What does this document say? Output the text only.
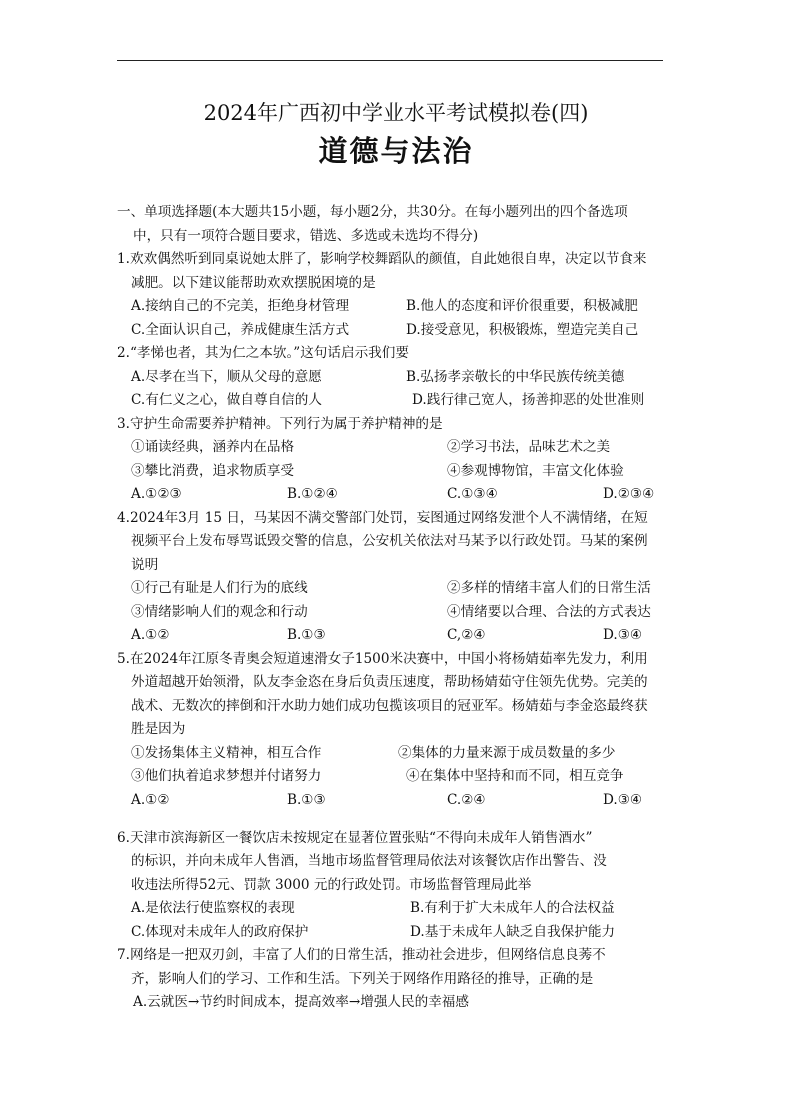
2024年广西初中学业水平考试模拟卷(四)
道德与法治
一、单项选择题(本大题共15小题，每小题2分，共30分。在每小题列出的四个备选项
中，只有一项符合题目要求，错选、多选或未选均不得分)
1.欢欢偶然听到同桌说她太胖了，影响学校舞蹈队的颜值，自此她很自卑，决定以节食来
减肥。以下建议能帮助欢欢摆脱困境的是
A.接纳自己的不完美，拒绝身材管理	B.他人的态度和评价很重要，积极减肥
C.全面认识自己，养成健康生活方式	D.接受意见，积极锻炼，塑造完美自己
2.“孝悌也者，其为仁之本欤。”这句话启示我们要
A.尽孝在当下，顺从父母的意愿	B.弘扬孝亲敬长的中华民族传统美德
C.有仁义之心，做自尊自信的人	D.践行律己宽人，扬善抑恶的处世准则
3.守护生命需要养护精神。下列行为属于养护精神的是
①诵读经典，涵养内在品格	②学习书法，品味艺术之美
③攀比消费，追求物质享受	④参观博物馆，丰富文化体验
A.①②③	B.①②④	C.①③④	D.②③④
4.2024年3月 15 日，马某因不满交警部门处罚，妄图通过网络发泄个人不满情绪，在短
视频平台上发布辱骂诋毁交警的信息，公安机关依法对马某予以行政处罚。马某的案例
说明
①行己有耻是人们行为的底线	②多样的情绪丰富人们的日常生活
③情绪影响人们的观念和行动	④情绪要以合理、合法的方式表达
A.①②	B.①③	C,②④	D.③④
5.在2024年江原冬青奥会短道速滑女子1500米决赛中，中国小将杨婧茹率先发力，利用
外道超越开始领滑，队友李金恣在身后负责压速度，帮助杨婧茹守住领先优势。完美的
战术、无数次的摔倒和汗水助力她们成功包揽该项目的冠亚军。杨婧茹与李金恣最终获
胜是因为
①发扬集体主义精神，相互合作	②集体的力量来源于成员数量的多少
③他们执着追求梦想并付诸努力	④在集体中坚持和而不同，相互竞争
A.①②	B.①③	C.②④	D.③④
6.天津市滨海新区一餐饮店未按规定在显著位置张贴“不得向未成年人销售酒水”
的标识，并向未成年人售酒，当地市场监督管理局依法对该餐饮店作出警告、没
收违法所得52元、罚款 3000 元的行政处罚。市场监督管理局此举
A.是依法行使监察权的表现	B.有利于扩大未成年人的合法权益
C.体现对未成年人的政府保护	D.基于未成年人缺乏自我保护能力
7.网络是一把双刃剑，丰富了人们的日常生活，推动社会进步，但网络信息良莠不
齐，影响人们的学习、工作和生活。下列关于网络作用路径的推导，正确的是
A.云就医→节约时间成本，提高效率→增强人民的幸福感
